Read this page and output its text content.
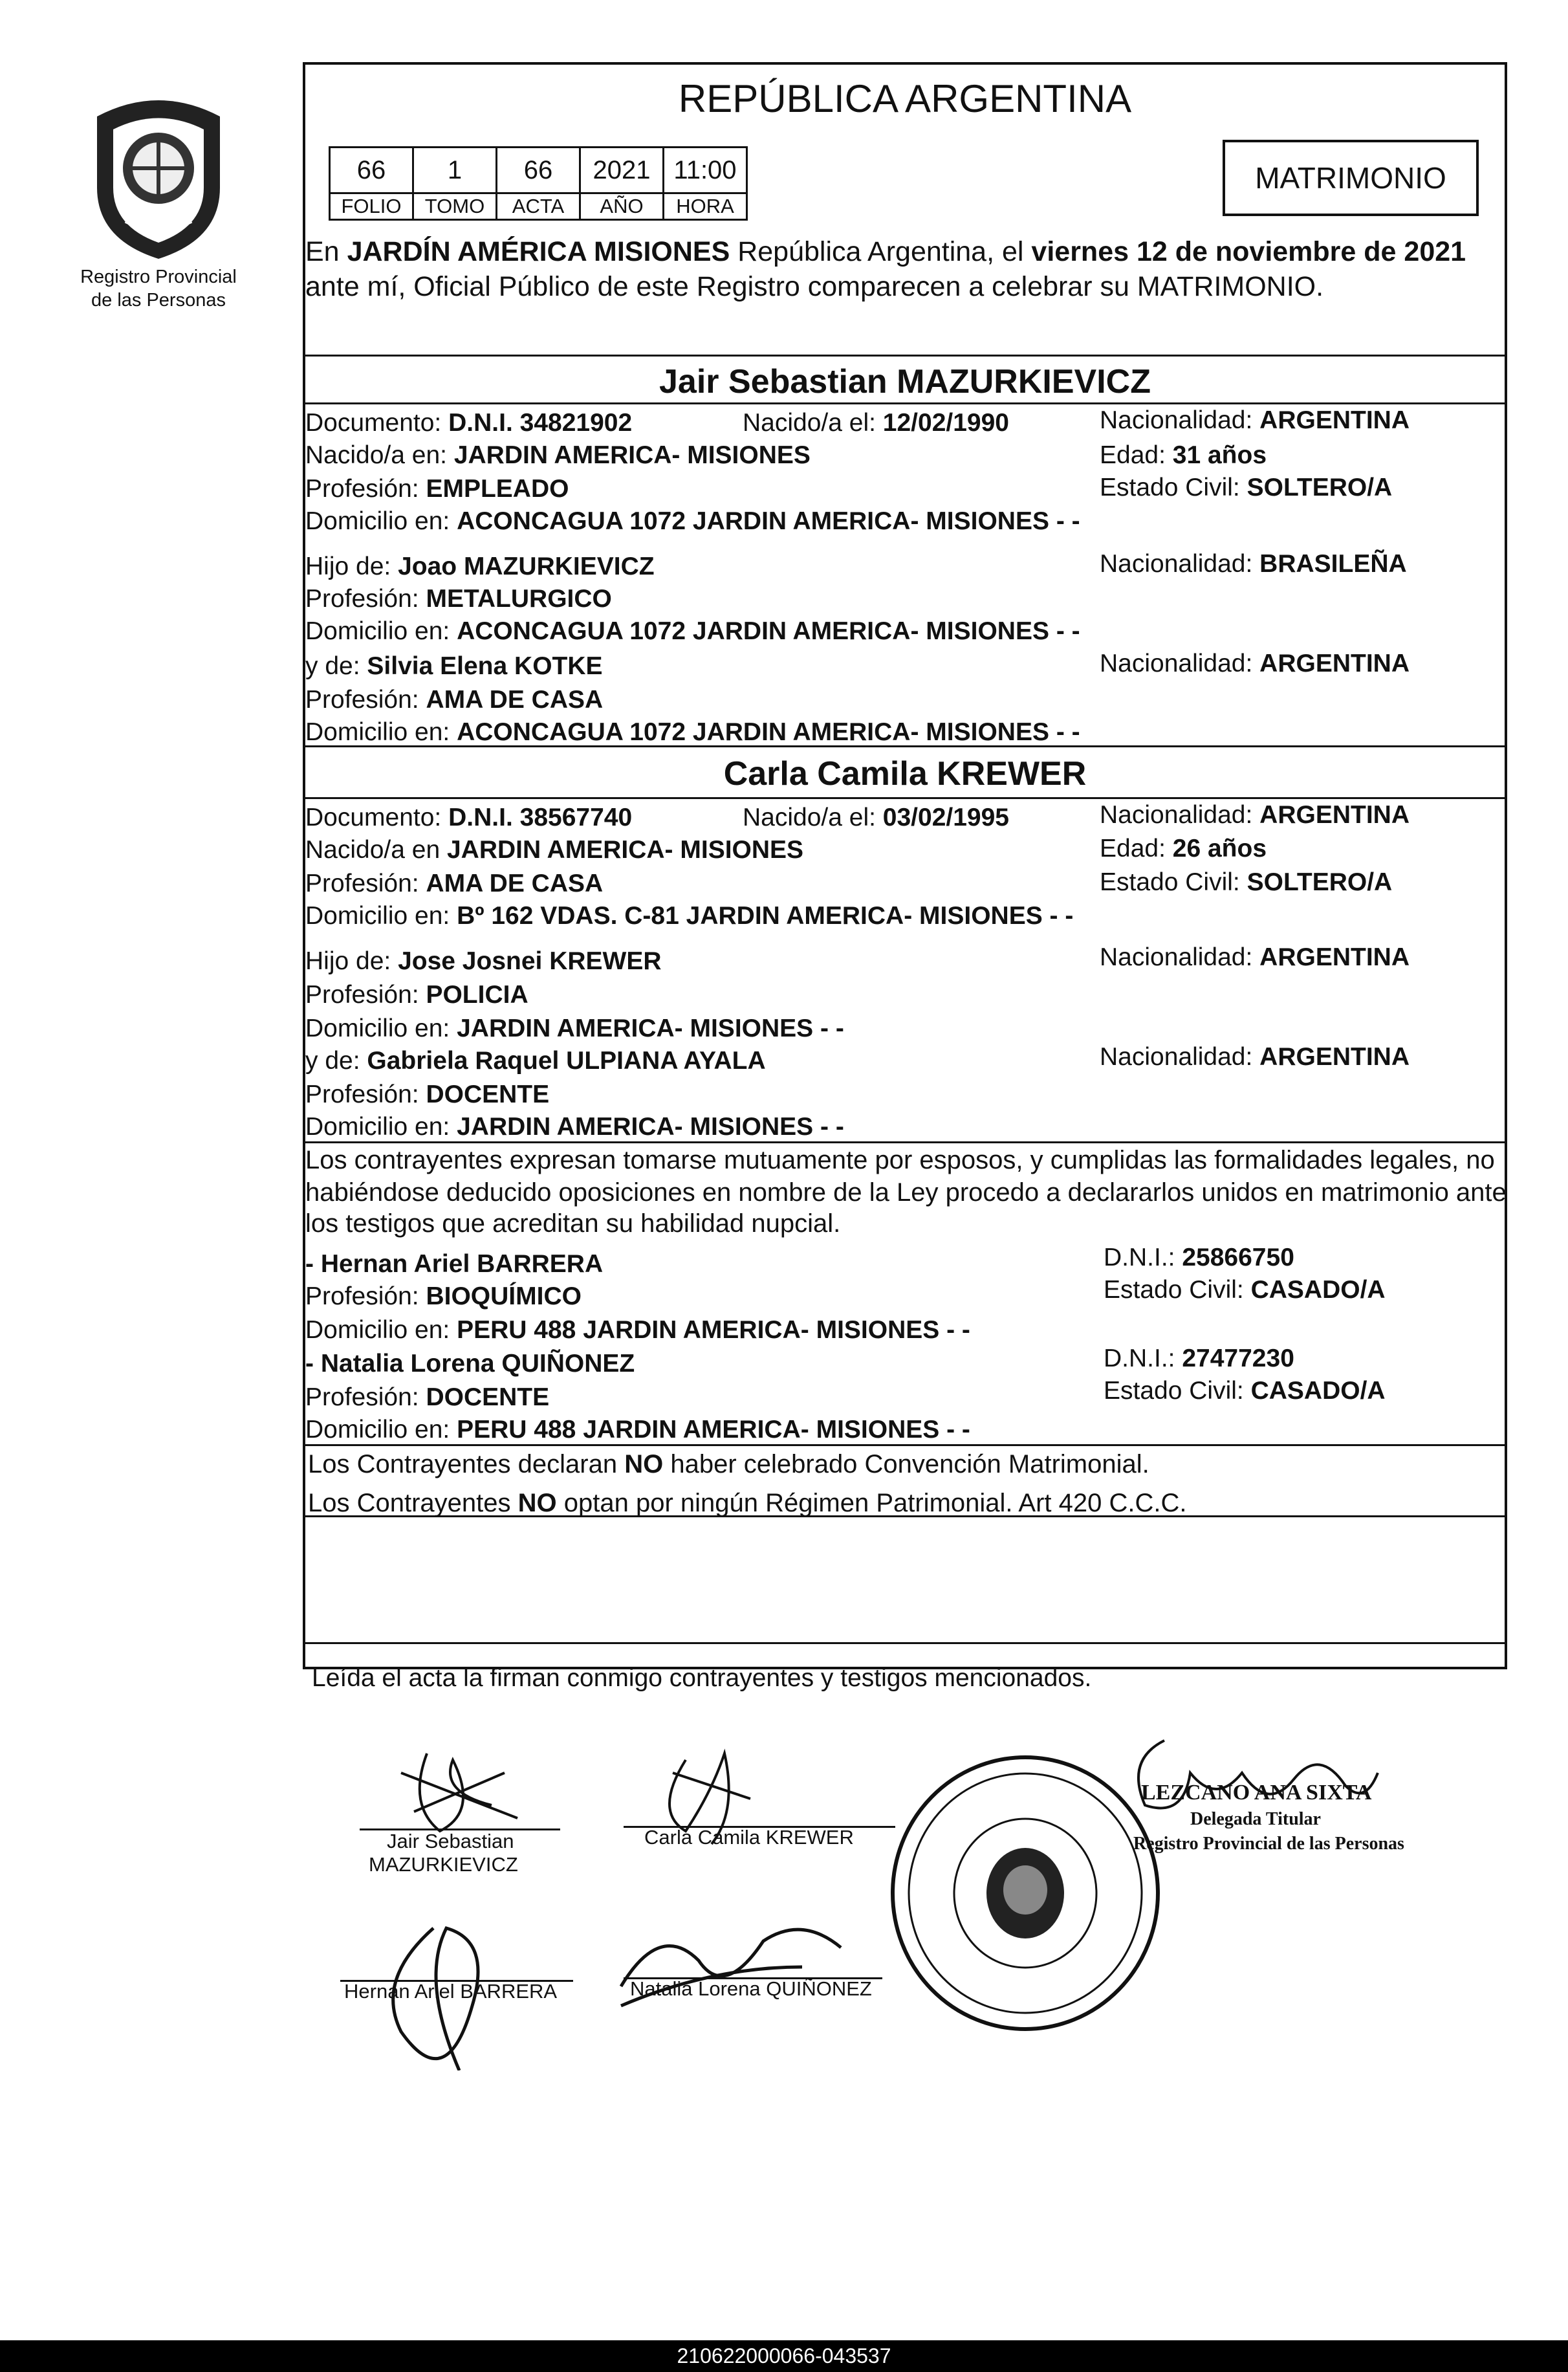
Registro Provincial
de las Personas
REPÚBLICA ARGENTINA
66	1	66	2021	11:00
FOLIO	TOMO	ACTA	AÑO	HORA
MATRIMONIO
En JARDÍN AMÉRICA MISIONES República Argentina, el viernes 12 de noviembre de 2021
ante mí, Oficial Público de este Registro comparecen a celebrar su MATRIMONIO.
Jair Sebastian MAZURKIEVICZ
Documento: D.N.I. 34821902	Nacido/a el: 12/02/1990	Nacionalidad: ARGENTINA
Nacido/a en: JARDIN AMERICA- MISIONES	Edad: 31 años
Profesión: EMPLEADO	Estado Civil: SOLTERO/A
Domicilio en: ACONCAGUA 1072 JARDIN AMERICA- MISIONES - -
Hijo de: Joao MAZURKIEVICZ	Nacionalidad: BRASILEÑA
Profesión: METALURGICO
Domicilio en: ACONCAGUA 1072 JARDIN AMERICA- MISIONES - -
y de: Silvia Elena KOTKE	Nacionalidad: ARGENTINA
Profesión: AMA DE CASA
Domicilio en: ACONCAGUA 1072 JARDIN AMERICA- MISIONES - -
Carla Camila KREWER
Documento: D.N.I. 38567740	Nacido/a el: 03/02/1995	Nacionalidad: ARGENTINA
Nacido/a en JARDIN AMERICA- MISIONES	Edad: 26 años
Profesión: AMA DE CASA	Estado Civil: SOLTERO/A
Domicilio en: Bº 162 VDAS. C-81 JARDIN AMERICA- MISIONES - -
Hijo de: Jose Josnei KREWER	Nacionalidad: ARGENTINA
Profesión: POLICIA
Domicilio en: JARDIN AMERICA- MISIONES - -
y de: Gabriela Raquel ULPIANA AYALA	Nacionalidad: ARGENTINA
Profesión: DOCENTE
Domicilio en: JARDIN AMERICA- MISIONES - -
Los contrayentes expresan tomarse mutuamente por esposos, y cumplidas las formalidades legales, no
habiéndose deducido oposiciones en nombre de la Ley procedo a declararlos unidos en matrimonio ante
los testigos que acreditan su habilidad nupcial.
- Hernan Ariel BARRERA	D.N.I.: 25866750
Profesión: BIOQUÍMICO	Estado Civil: CASADO/A
Domicilio en: PERU 488 JARDIN AMERICA- MISIONES - -
- Natalia Lorena QUIÑONEZ	D.N.I.: 27477230
Profesión: DOCENTE	Estado Civil: CASADO/A
Domicilio en: PERU 488 JARDIN AMERICA- MISIONES - -
Los Contrayentes declaran NO haber celebrado Convención Matrimonial.
Los Contrayentes NO optan por ningún Régimen Patrimonial. Art 420 C.C.C.
Leída el acta la firman conmigo contrayentes y testigos mencionados.
Jair Sebastian
MAZURKIEVICZ
Carla Camila KREWER
Hernan Ariel BARRERA	Natalia Lorena QUIÑONEZ
LEZCANO ANA SIXTA
Delegada Titular
Registro Provincial de las Personas
210622000066-043537
